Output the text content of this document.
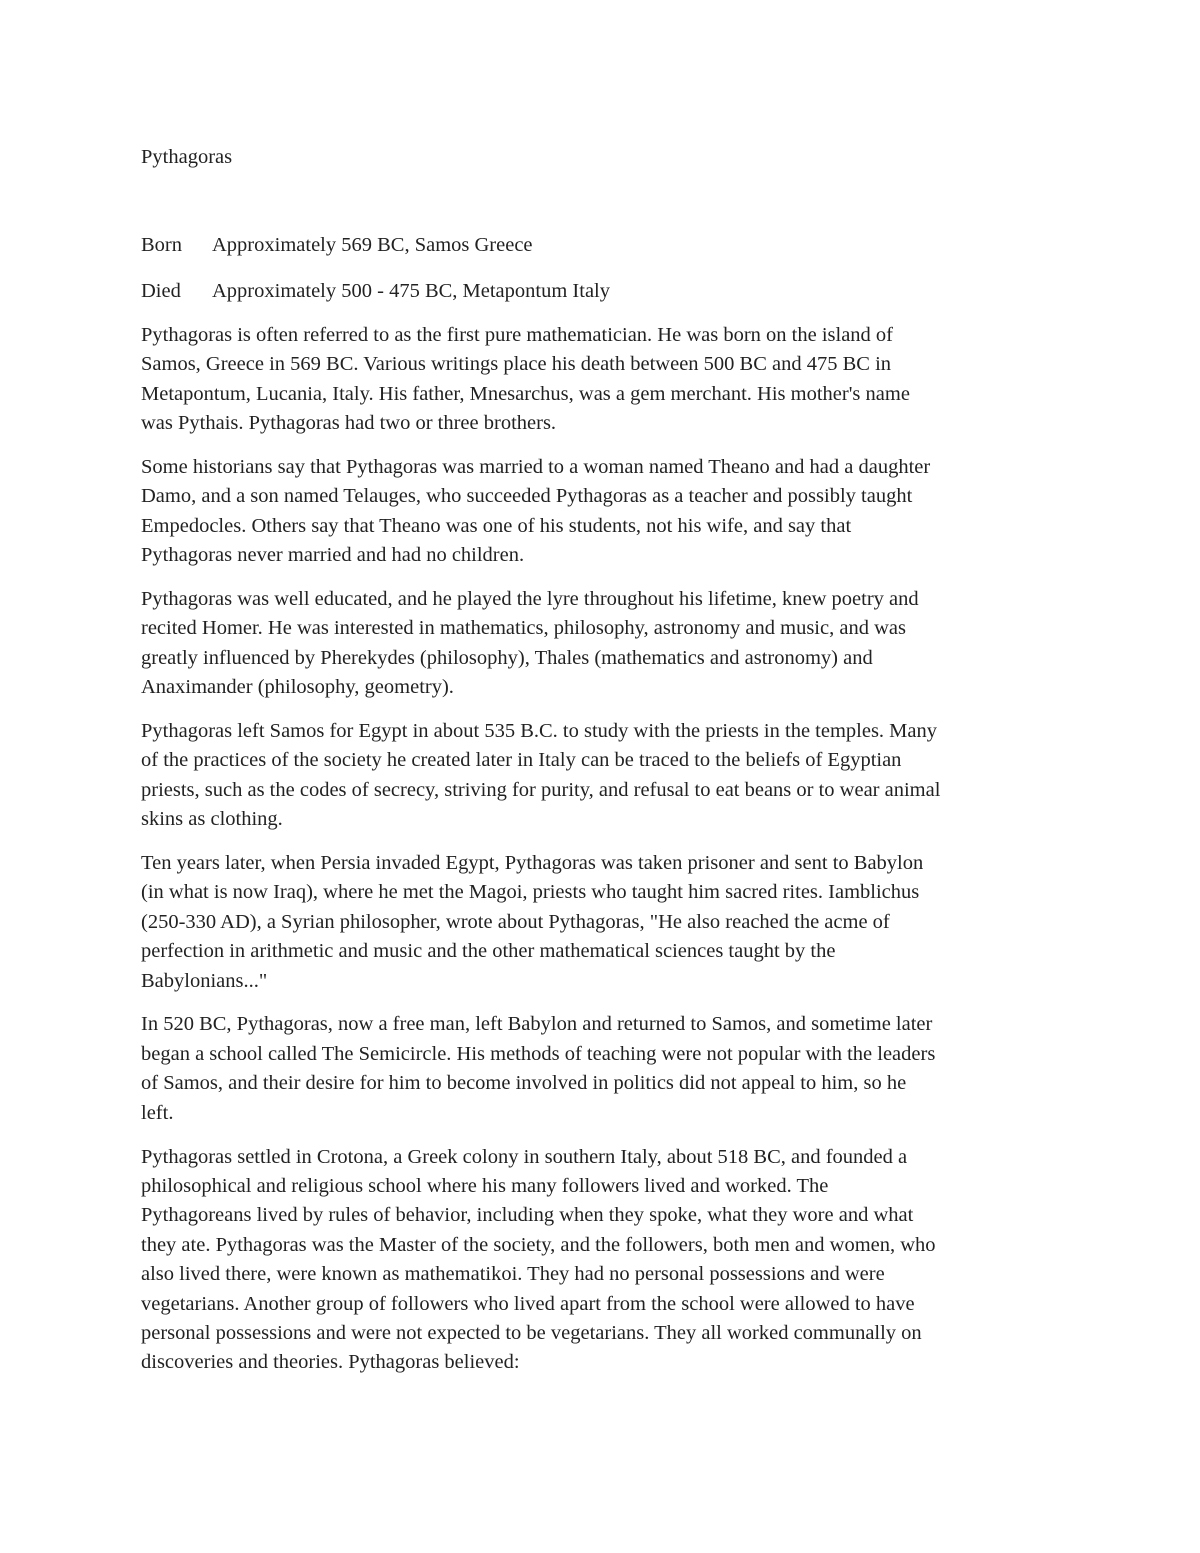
Pythagoras

Born Approximately 569 BC, Samos Greece

Died Approximately 500 - 475 BC, Metapontum Italy

Pythagoras is often referred to as the first pure mathematician. He was born on the island of
Samos, Greece in 569 BC. Various writings place his death between 500 BC and 475 BC in
Metapontum, Lucania, Italy. His father, Mnesarchus, was a gem merchant. His mother's name
was Pythais. Pythagoras had two or three brothers.

Some historians say that Pythagoras was married to a woman named Theano and had a daughter
Damo, and a son named Telauges, who succeeded Pythagoras as a teacher and possibly taught
Empedocles. Others say that Theano was one of his students, not his wife, and say that
Pythagoras never married and had no children.

Pythagoras was well educated, and he played the lyre throughout his lifetime, knew poetry and
recited Homer. He was interested in mathematics, philosophy, astronomy and music, and was
greatly influenced by Pherekydes (philosophy), Thales (mathematics and astronomy) and
Anaximander (philosophy, geometry).

Pythagoras left Samos for Egypt in about 535 B.C. to study with the priests in the temples. Many
of the practices of the society he created later in Italy can be traced to the beliefs of Egyptian
priests, such as the codes of secrecy, striving for purity, and refusal to eat beans or to wear animal
skins as clothing.

Ten years later, when Persia invaded Egypt, Pythagoras was taken prisoner and sent to Babylon
(in what is now Iraq), where he met the Magoi, priests who taught him sacred rites. Iamblichus
(250-330 AD), a Syrian philosopher, wrote about Pythagoras, "He also reached the acme of
perfection in arithmetic and music and the other mathematical sciences taught by the
Babylonians..."

In 520 BC, Pythagoras, now a free man, left Babylon and returned to Samos, and sometime later
began a school called The Semicircle. His methods of teaching were not popular with the leaders
of Samos, and their desire for him to become involved in politics did not appeal to him, so he
left.

Pythagoras settled in Crotona, a Greek colony in southern Italy, about 518 BC, and founded a
philosophical and religious school where his many followers lived and worked. The
Pythagoreans lived by rules of behavior, including when they spoke, what they wore and what
they ate. Pythagoras was the Master of the society, and the followers, both men and women, who
also lived there, were known as mathematikoi. They had no personal possessions and were
vegetarians. Another group of followers who lived apart from the school were allowed to have
personal possessions and were not expected to be vegetarians. They all worked communally on
discoveries and theories. Pythagoras believed:
